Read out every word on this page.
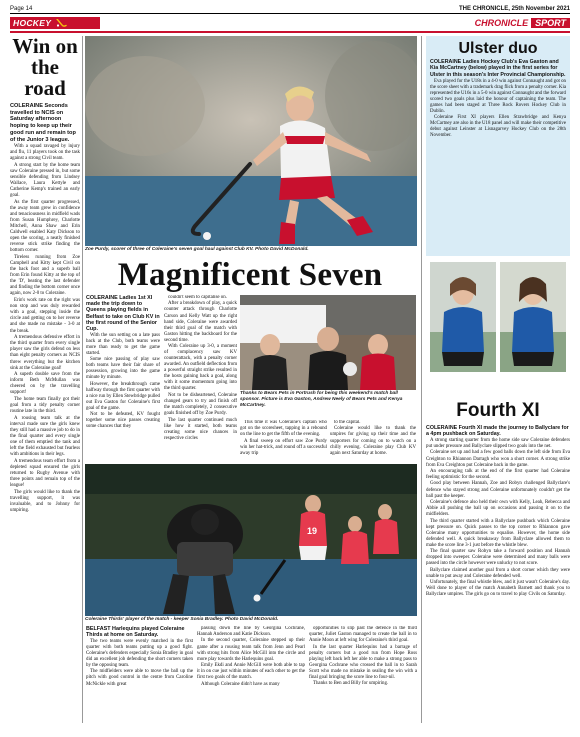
Page 14	THE CHRONICLE, 25th November 2021
HOCKEY	CHRONICLE SPORT
Win on the road

COLERAINE Seconds travelled to NCIS on Saturday afternoon hoping to keep up their good run and remain top of the Junior 3 league.

With a squad ravaged by injury and flu, 11 players took on the task against a strong Civil team.

A strong start by the home team saw Coleraine pressed in, but some sensible defending from Lindsey Wallace, Laura Kettyle and Catherine Kemp's trained an early goal.

As the first quarter progressed, the away team grew in confidence and tenaciousness in midfield wads from Susan Humphrey, Charlotte Mitchell, Anna Shaw and Erin Caldwell enabled Katy Dickson to open the scoring, a neatly finished reverse stick strike finding the bottom corner.

Tireless running from Zoe Campbell and Kitty kept Civil on the back foot and a superb ball from Erin found Kitty at the top of the 'D', beating the last defender and finding the bottom corner once again, now 2-0 to Coleraine.

Erin's work rate on the right was non stop and was duly rewarded with a goal, stepping inside the circle and getting on to her reverse and she made no mistake - 3-0 at the break.

A tremendous defensive effort in the third quarter from every single player saw the girls defend on less than eight penalty corners as NCIS threw everything but the kitchen sink at the Coleraine goal!

A superb double save from the inform Beth McMullan was cheered on by the travelling support!

The home team finally got their goal from a tidy penalty corner routine late in the third.

A rousing team talk at the interval made sure the girls knew they still had a massive job to do in the final quarter and every single one of them emptied the tank and left the field exhausted but fearless with ambitions in their legs.

A tremendous team effort from a depleted squad ensured the girls returned to Rugby Avenue with three points and remain top of the league!

The girls would like to thank the travelling support, it was invaluable, and to Johnny for umpiring.

Zoe Purdy, scorer of three of Coleraine's seven goal haul against Club KV. Photo David McDonald.
Magnificent Seven

COLERAINE Ladies 1st XI made the trip down to Queens playing fields in Belfast to take on Club KV in the first round of the Senior Cup.

With the sun setting on a late pass back at the Club, both teams were more than ready to get the game started.

Some nice passing of play saw both teams have their fair share of possession, growing into the game minute by minute.

However, the breakthrough came halfway through the first quarter with a nice run by Ellen Stewbridge pulled out Eva Gaston for Coleraine's first goal of the game.

Not to be defeated, KV fought together some nice passes creating some chances that they

couldn't seem to capitalise on.

After a breakdown of play, a quick counter attack through Charlotte Carson and Kelly Watt up the right hand side, Coleraine were awarded their third goal of the match with Gaston hitting the backboard for the second time.

With Coleraine up 3-0, a moment of complacency saw KV counterattack, with a penalty corner awarded. An outfield deflection from a powerful straight strike resulted in the hosts gaining back a goal, along with it some momentum going into the third quarter.

Not to be disheartened, Coleraine changed gears to try and finish off the match completely, 2 consecutive goals finished off by Zoe Purdy.

The last quarter continued much like how it started, both teams creating some nice chances in respective circles

Thanks to Bears Pets in Portrush for being this weekend's match ball sponsor. Picture is Eva Gaston, Andrew Neely of Bears Pets and Kenya McCartney.

This time it was Coleraine's captain who got on the scoresheet, tapping in a rebound on the line to get the fifth of the evening.

A final sweep on effort saw Zoe Purdy win her hat-trick, and round off a successful away trip

to the capital.

Coleraine would like to thank the umpires for giving up their time and the supporters for coming on to watch on a chilly evening. Coleraine play Club KV again next Saturday at home.

19
Coleraine Thirds' player of the match - keeper Sonia Bradley. Photo David McDonald.

BELFAST Harlequins played Coleraine Thirds at home on Saturday.

The two teams were evenly matched in the first quarter with both teams putting up a good fight. Coleraine's defenders especially Sonia Bradley in goal did an excellent job defending the short corners taken by the opposing team.

The midfielders were able to move the ball up the pitch with good control in the centre from Caroline McNickle with great

passing down the line by Georgina Cochrane, Hannah Anderson and Katie Dickson.

In the second quarter, Coleraine stepped up their game after a rousing team talk from Jenn and Pearl with strong hits from Alice McGill into the circle and more play towards the Harlequins goal.

Emily Ekdi and Annie McGill were both able to tap it in on cue just within minutes of each other to get the first two goals of the match.

Although Coleraine didn't have as many

opportunities to slip past the defence in the third quarter, Juliet Gaston managed to create the ball in to Annie Moon at left wing for Coleraine's third goal.

In the last quarter Harlequins had a barrage of penalty corners but a good run from Hope Ross playing left back left her able to make a strong pass to Georgina Cochrane who crossed the ball in to Sarah Scott who made no mistake in sealing the win with a final goal bringing the score line to four-nil.

Thanks to Ben and Billy for umpiring.

Ulster duo
COLERAINE Ladies Hockey Club's Eva Gaston and Kia McCartney (below) played in the first series for Ulster in this season's Inter Provincial Championship.

Eva played for the U18s in a 4-0 win against Connaught and got on the score sheet with a trademark drag flick from a penalty corner. Kia represented the U16s in a 5-0 win against Connaught and the forward scored two goals plus laid the honour of captaining the team. The games had been staged at Three Rock Rovers Hockey Club in Dublin.

Coleraine First XI players Ellen Strawbridge and Kenya McCartney are also in the U18 panel and will make their competitive debut against Leinster at Lisnagarvey Hockey Club on the 28th November.

Fourth XI

COLERAINE Fourth XI made the journey to Ballyclare for a 4pm pushback on Saturday.

A strong starting quarter from the home side saw Coleraine defenders put under pressure and Ballyclare slipped two goals into the net.

Coleraine set up and had a few good balls down the left side from Eva Creighton to Rhiannon Darragh who won a short corner. A strong strike from Eva Creighton put Coleraine back in the game.

An encouraging talk at the end of the first quarter had Coleraine feeling optimistic for the second.

Good play between Hannah, Zoe and Robyn challenged Ballyclare's defence who stayed strong and Coleraine unfortunately couldn't get the ball past the keeper.

Coleraine's defence also held their own with Kelly, Leah, Rebecca and Abbie all pushing the ball up on occasions and passing it on to the midfielders.

The third quarter started with a Ballyclare pushback which Coleraine kept pressure on. Quick passes to the top corner to Rhiannon gave Coleraine many opportunities to equalise. However, the home side defended well. A quick breakaway from Ballyclare allowed them to make the score line 3-1 just before the whistle blew.

The final quarter saw Robyn take a forward position and Hannah dropped into sweeper. Coleraine were determined and many balls were passed into the circle however were unlucky to not score.

Ballyclare claimed another goal from a short corner which they were unable to put away and Coleraine defended well.

Unfortunately, the final whistle blew, and it just wasn't Coleraine's day. Well done to player of the match Annabeth Barnett and thank you to Ballyclare umpires. The girls go on to travel to play Civils on Saturday.
